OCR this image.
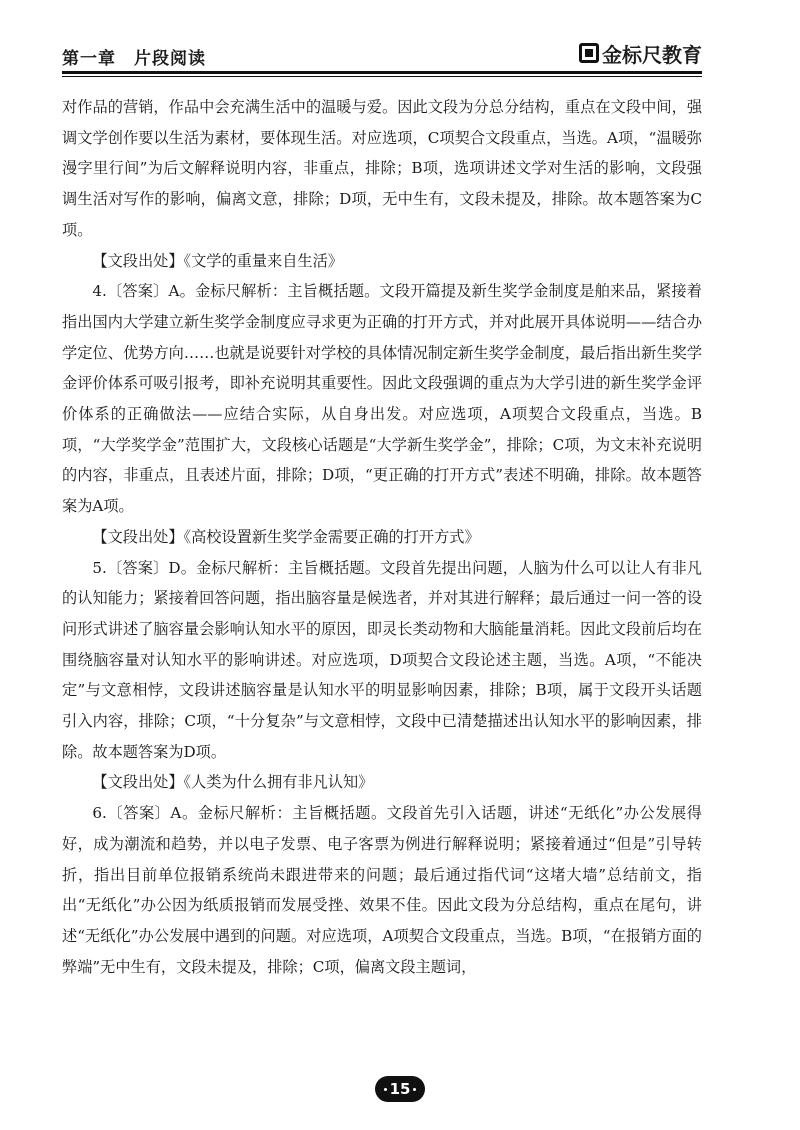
第一章　片段阅读	金标尺教育

对作品的营销，作品中会充满生活中的温暖与爱。因此文段为分总分结构，重点在文段中间，强调文学创作要以生活为素材，要体现生活。对应选项，C项契合文段重点，当选。A项，“温暖弥漫字里行间”为后文解释说明内容，非重点，排除；B项，选项讲述文学对生活的影响，文段强调生活对写作的影响，偏离文意，排除；D项，无中生有，文段未提及，排除。故本题答案为C项。

【文段出处】《文学的重量来自生活》

4.〔答案〕A。金标尺解析：主旨概括题。文段开篇提及新生奖学金制度是舶来品，紧接着指出国内大学建立新生奖学金制度应寻求更为正确的打开方式，并对此展开具体说明——结合办学定位、优势方向……也就是说要针对学校的具体情况制定新生奖学金制度，最后指出新生奖学金评价体系可吸引报考，即补充说明其重要性。因此文段强调的重点为大学引进的新生奖学金评价体系的正确做法——应结合实际，从自身出发。对应选项，A项契合文段重点，当选。B项，“大学奖学金”范围扩大，文段核心话题是“大学新生奖学金”，排除；C项，为文末补充说明的内容，非重点，且表述片面，排除；D项，“更正确的打开方式”表述不明确，排除。故本题答案为A项。

【文段出处】《高校设置新生奖学金需要正确的打开方式》

5.〔答案〕D。金标尺解析：主旨概括题。文段首先提出问题，人脑为什么可以让人有非凡的认知能力；紧接着回答问题，指出脑容量是候选者，并对其进行解释；最后通过一问一答的设问形式讲述了脑容量会影响认知水平的原因，即灵长类动物和大脑能量消耗。因此文段前后均在围绕脑容量对认知水平的影响讲述。对应选项，D项契合文段论述主题，当选。A项，“不能决定”与文意相悖，文段讲述脑容量是认知水平的明显影响因素，排除；B项，属于文段开头话题引入内容，排除；C项，“十分复杂”与文意相悖，文段中已清楚描述出认知水平的影响因素，排除。故本题答案为D项。

【文段出处】《人类为什么拥有非凡认知》

6.〔答案〕A。金标尺解析：主旨概括题。文段首先引入话题，讲述“无纸化”办公发展得好，成为潮流和趋势，并以电子发票、电子客票为例进行解释说明；紧接着通过“但是”引导转折，指出目前单位报销系统尚未跟进带来的问题；最后通过指代词“这堵大墙”总结前文，指出“无纸化”办公因为纸质报销而发展受挫、效果不佳。因此文段为分总结构，重点在尾句，讲述“无纸化”办公发展中遇到的问题。对应选项，A项契合文段重点，当选。B项，“在报销方面的弊端”无中生有，文段未提及，排除；C项，偏离文段主题词，

15
